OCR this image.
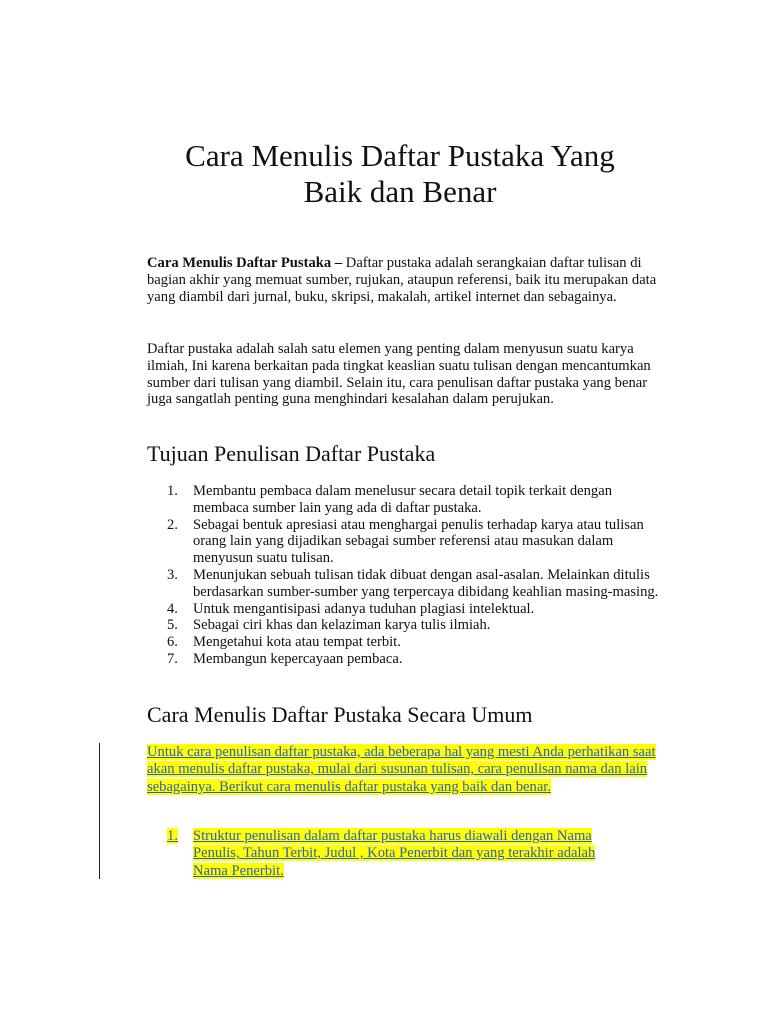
Cara Menulis Daftar Pustaka Yang
Baik dan Benar

Cara Menulis Daftar Pustaka – Daftar pustaka adalah serangkaian daftar tulisan di bagian akhir yang memuat sumber, rujukan, ataupun referensi, baik itu merupakan data yang diambil dari jurnal, buku, skripsi, makalah, artikel internet dan sebagainya.

Daftar pustaka adalah salah satu elemen yang penting dalam menyusun suatu karya ilmiah, Ini karena berkaitan pada tingkat keaslian suatu tulisan dengan mencantumkan sumber dari tulisan yang diambil. Selain itu, cara penulisan daftar pustaka yang benar juga sangatlah penting guna menghindari kesalahan dalam perujukan.

Tujuan Penulisan Daftar Pustaka
1. Membantu pembaca dalam menelusur secara detail topik terkait dengan membaca sumber lain yang ada di daftar pustaka.
2. Sebagai bentuk apresiasi atau menghargai penulis terhadap karya atau tulisan orang lain yang dijadikan sebagai sumber referensi atau masukan dalam menyusun suatu tulisan.
3. Menunjukan sebuah tulisan tidak dibuat dengan asal-asalan. Melainkan ditulis berdasarkan sumber-sumber yang terpercaya dibidang keahlian masing-masing.
4. Untuk mengantisipasi adanya tuduhan plagiasi intelektual.
5. Sebagai ciri khas dan kelaziman karya tulis ilmiah.
6. Mengetahui kota atau tempat terbit.
7. Membangun kepercayaan pembaca.
Cara Menulis Daftar Pustaka Secara Umum

Untuk cara penulisan daftar pustaka, ada beberapa hal yang mesti Anda perhatikan saat akan menulis daftar pustaka, mulai dari susunan tulisan, cara penulisan nama dan lain sebagainya. Berikut cara menulis daftar pustaka yang baik dan benar.

1. Struktur penulisan dalam daftar pustaka harus diawali dengan Nama Penulis, Tahun Terbit, Judul , Kota Penerbit dan yang terakhir adalah Nama Penerbit.
